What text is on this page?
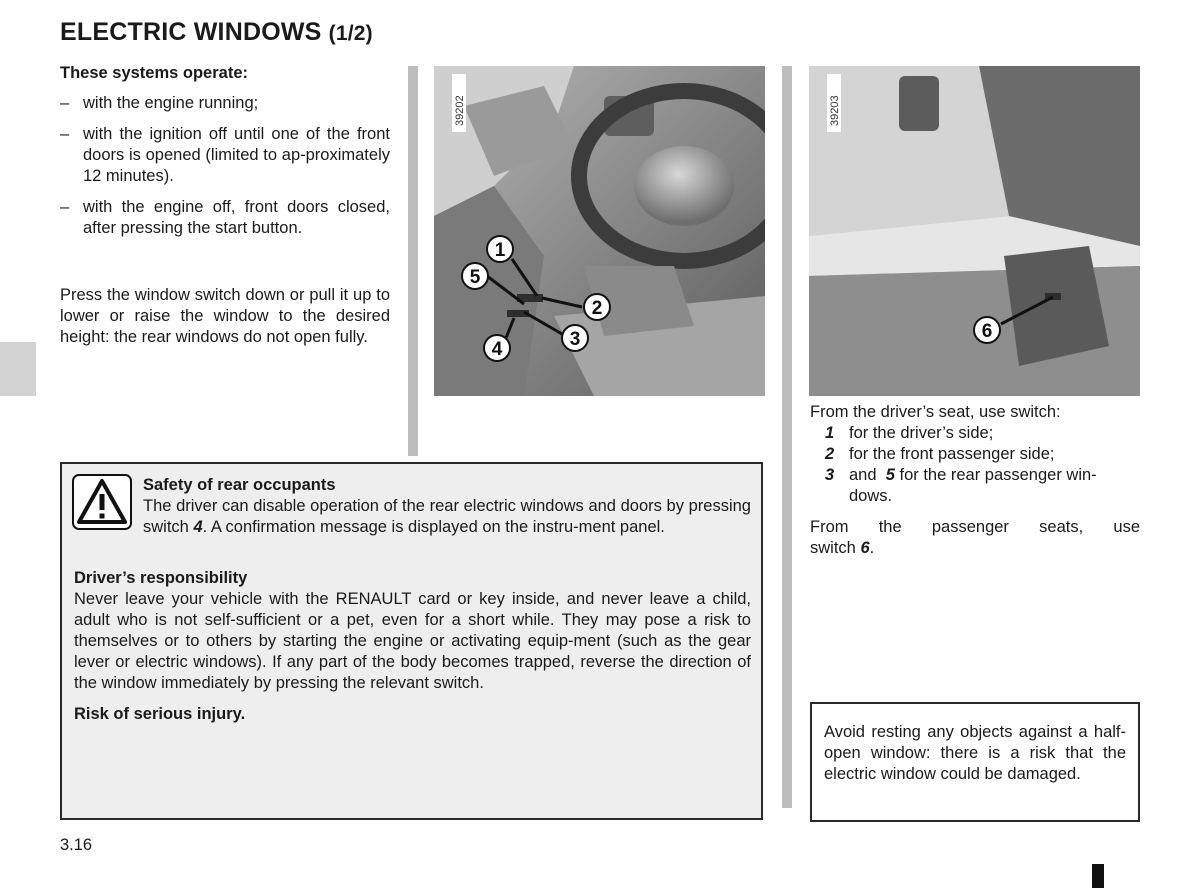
ELECTRIC WINDOWS (1/2)
These systems operate:
– with the engine running;
– with the ignition off until one of the front doors is opened (limited to ap-proximately 12 minutes).
– with the engine off, front doors closed, after pressing the start button.

Press the window switch down or pull it up to lower or raise the window to the desired height: the rear windows do not open fully.

39202
1
5
2
3
4
39203
6
From the driver’s seat, use switch:
1 for the driver’s side;
2 for the front passenger side;
3 and 5 for the rear passenger win-
dows.
From the passenger seats, use
switch 6.

Safety of rear occupants

The driver can disable operation of the rear electric windows and doors by pressing switch 4. A confirmation message is displayed on the instru-ment panel.

Driver’s responsibility

Never leave your vehicle with the RENAULT card or key inside, and never leave a child, adult who is not self-sufficient or a pet, even for a short while. They may pose a risk to themselves or to others by starting the engine or activating equip-ment (such as the gear lever or electric windows). If any part of the body becomes trapped, reverse the direction of the window immediately by pressing the relevant switch.

Risk of serious injury.

Avoid resting any objects against a half-open window: there is a risk that the electric window could be damaged.
3.16
